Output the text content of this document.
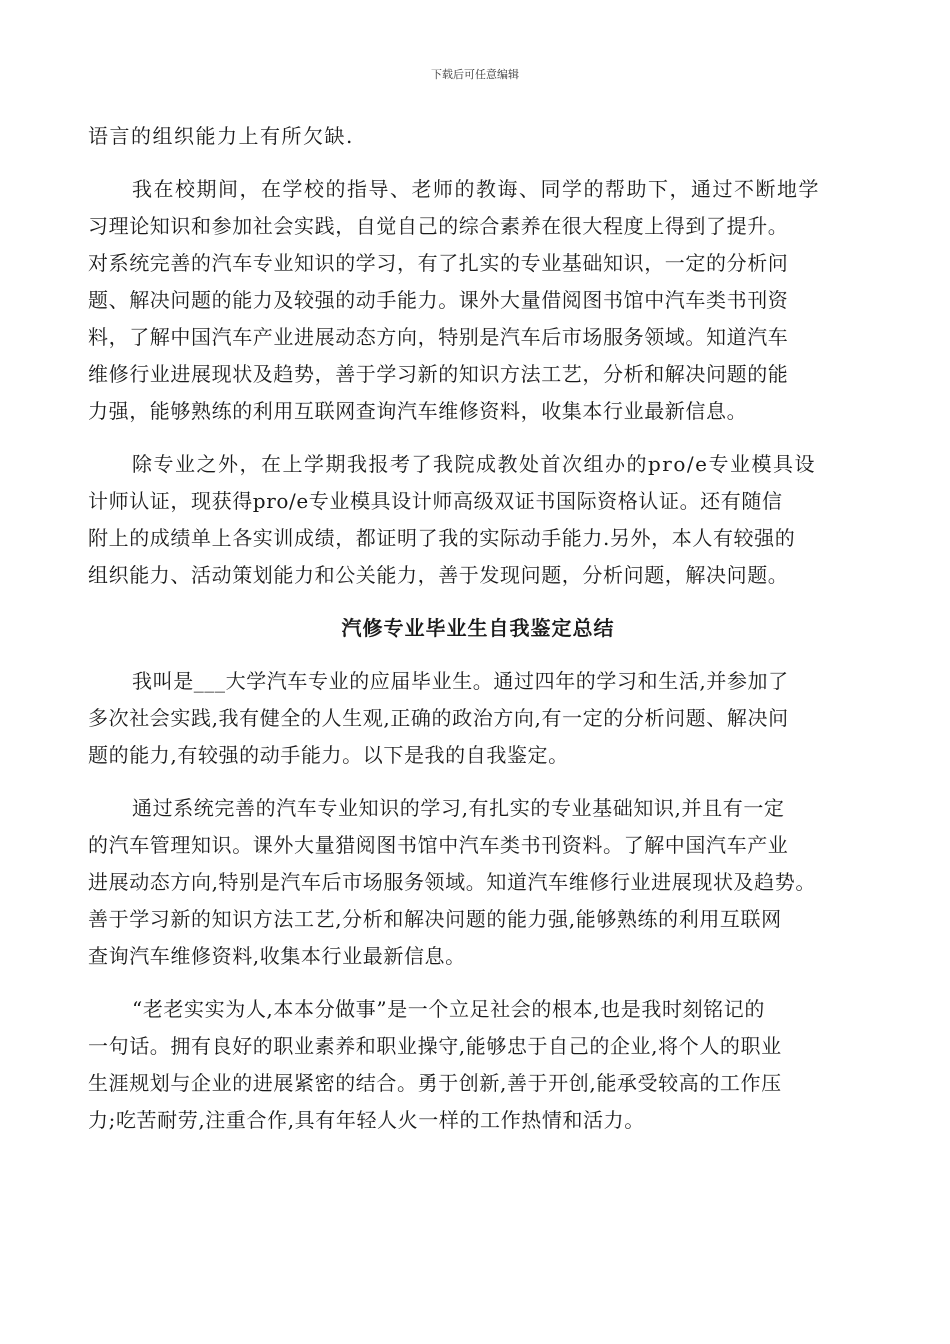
下载后可任意编辑
语言的组织能力上有所欠缺.
我在校期间，在学校的指导、老师的教诲、同学的帮助下，通过不断地学
习理论知识和参加社会实践，自觉自己的综合素养在很大程度上得到了提升。
对系统完善的汽车专业知识的学习，有了扎实的专业基础知识，一定的分析问
题、解决问题的能力及较强的动手能力。课外大量借阅图书馆中汽车类书刊资
料，了解中国汽车产业进展动态方向，特别是汽车后市场服务领域。知道汽车
维修行业进展现状及趋势，善于学习新的知识方法工艺，分析和解决问题的能
力强，能够熟练的利用互联网查询汽车维修资料，收集本行业最新信息。
除专业之外，在上学期我报考了我院成教处首次组办的pro/e专业模具设
计师认证，现获得pro/e专业模具设计师高级双证书国际资格认证。还有随信
附上的成绩单上各实训成绩，都证明了我的实际动手能力.另外，本人有较强的
组织能力、活动策划能力和公关能力，善于发现问题，分析问题，解决问题。
汽修专业毕业生自我鉴定总结
我叫是___大学汽车专业的应届毕业生。通过四年的学习和生活,并参加了
多次社会实践,我有健全的人生观,正确的政治方向,有一定的分析问题、解决问
题的能力,有较强的动手能力。以下是我的自我鉴定。
通过系统完善的汽车专业知识的学习,有扎实的专业基础知识,并且有一定
的汽车管理知识。课外大量猎阅图书馆中汽车类书刊资料。了解中国汽车产业
进展动态方向,特别是汽车后市场服务领域。知道汽车维修行业进展现状及趋势。
善于学习新的知识方法工艺,分析和解决问题的能力强,能够熟练的利用互联网
查询汽车维修资料,收集本行业最新信息。
“老老实实为人,本本分做事”是一个立足社会的根本,也是我时刻铭记的
一句话。拥有良好的职业素养和职业操守,能够忠于自己的企业,将个人的职业
生涯规划与企业的进展紧密的结合。勇于创新,善于开创,能承受较高的工作压
力;吃苦耐劳,注重合作,具有年轻人火一样的工作热情和活力。
